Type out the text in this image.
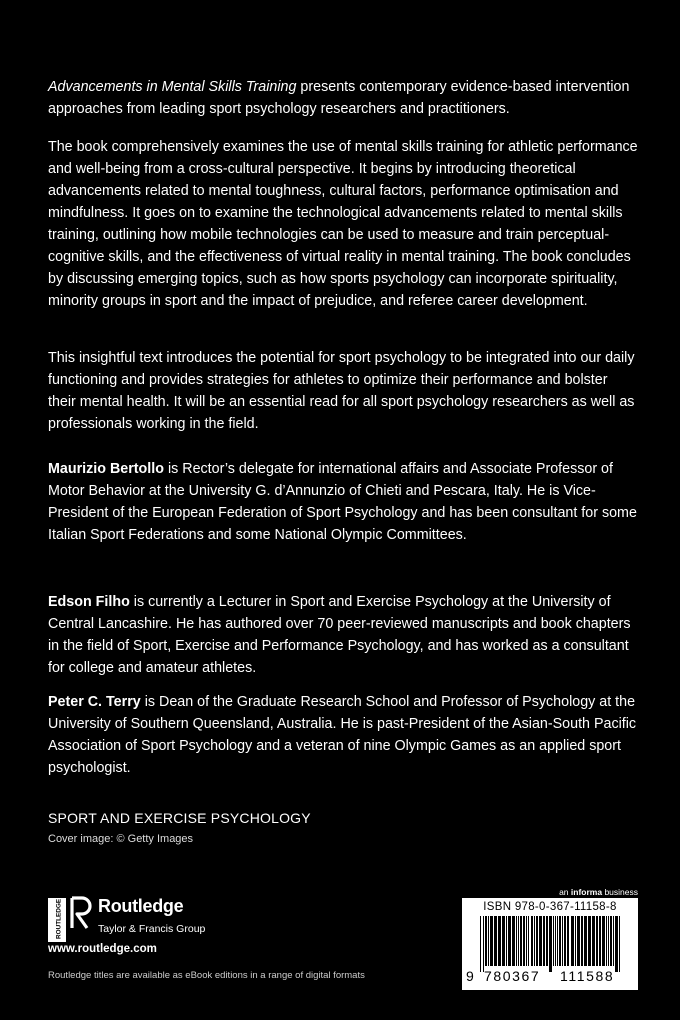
Advancements in Mental Skills Training presents contemporary evidence-based intervention approaches from leading sport psychology researchers and practitioners.

The book comprehensively examines the use of mental skills training for athletic performance and well-being from a cross-cultural perspective. It begins by introducing theoretical advancements related to mental toughness, cultural factors, performance optimisation and mindfulness. It goes on to examine the technological advancements related to mental skills training, outlining how mobile technologies can be used to measure and train perceptual-cognitive skills, and the effectiveness of virtual reality in mental training. The book concludes by discussing emerging topics, such as how sports psychology can incorporate spirituality, minority groups in sport and the impact of prejudice, and referee career development.

This insightful text introduces the potential for sport psychology to be integrated into our daily functioning and provides strategies for athletes to optimize their performance and bolster their mental health. It will be an essential read for all sport psychology researchers as well as professionals working in the field.

Maurizio Bertollo is Rector’s delegate for international affairs and Associate Professor of Motor Behavior at the University G. d’Annunzio of Chieti and Pescara, Italy. He is Vice-President of the European Federation of Sport Psychology and has been consultant for some Italian Sport Federations and some National Olympic Committees.

Edson Filho is currently a Lecturer in Sport and Exercise Psychology at the University of Central Lancashire. He has authored over 70 peer-reviewed manuscripts and book chapters in the field of Sport, Exercise and Performance Psychology, and has worked as a consultant for college and amateur athletes.

Peter C. Terry is Dean of the Graduate Research School and Professor of Psychology at the University of Southern Queensland, Australia. He is past-President of the Asian-South Pacific Association of Sport Psychology and a veteran of nine Olympic Games as an applied sport psychologist.

SPORT AND EXERCISE PSYCHOLOGY
Cover image: © Getty Images
ROUTLEDGE Routledge
Taylor & Francis Group
www.routledge.com
Routledge titles are available as eBook editions in a range of digital formats
an informa business
ISBN 978-0-367-11158-8
9 780367 111588
